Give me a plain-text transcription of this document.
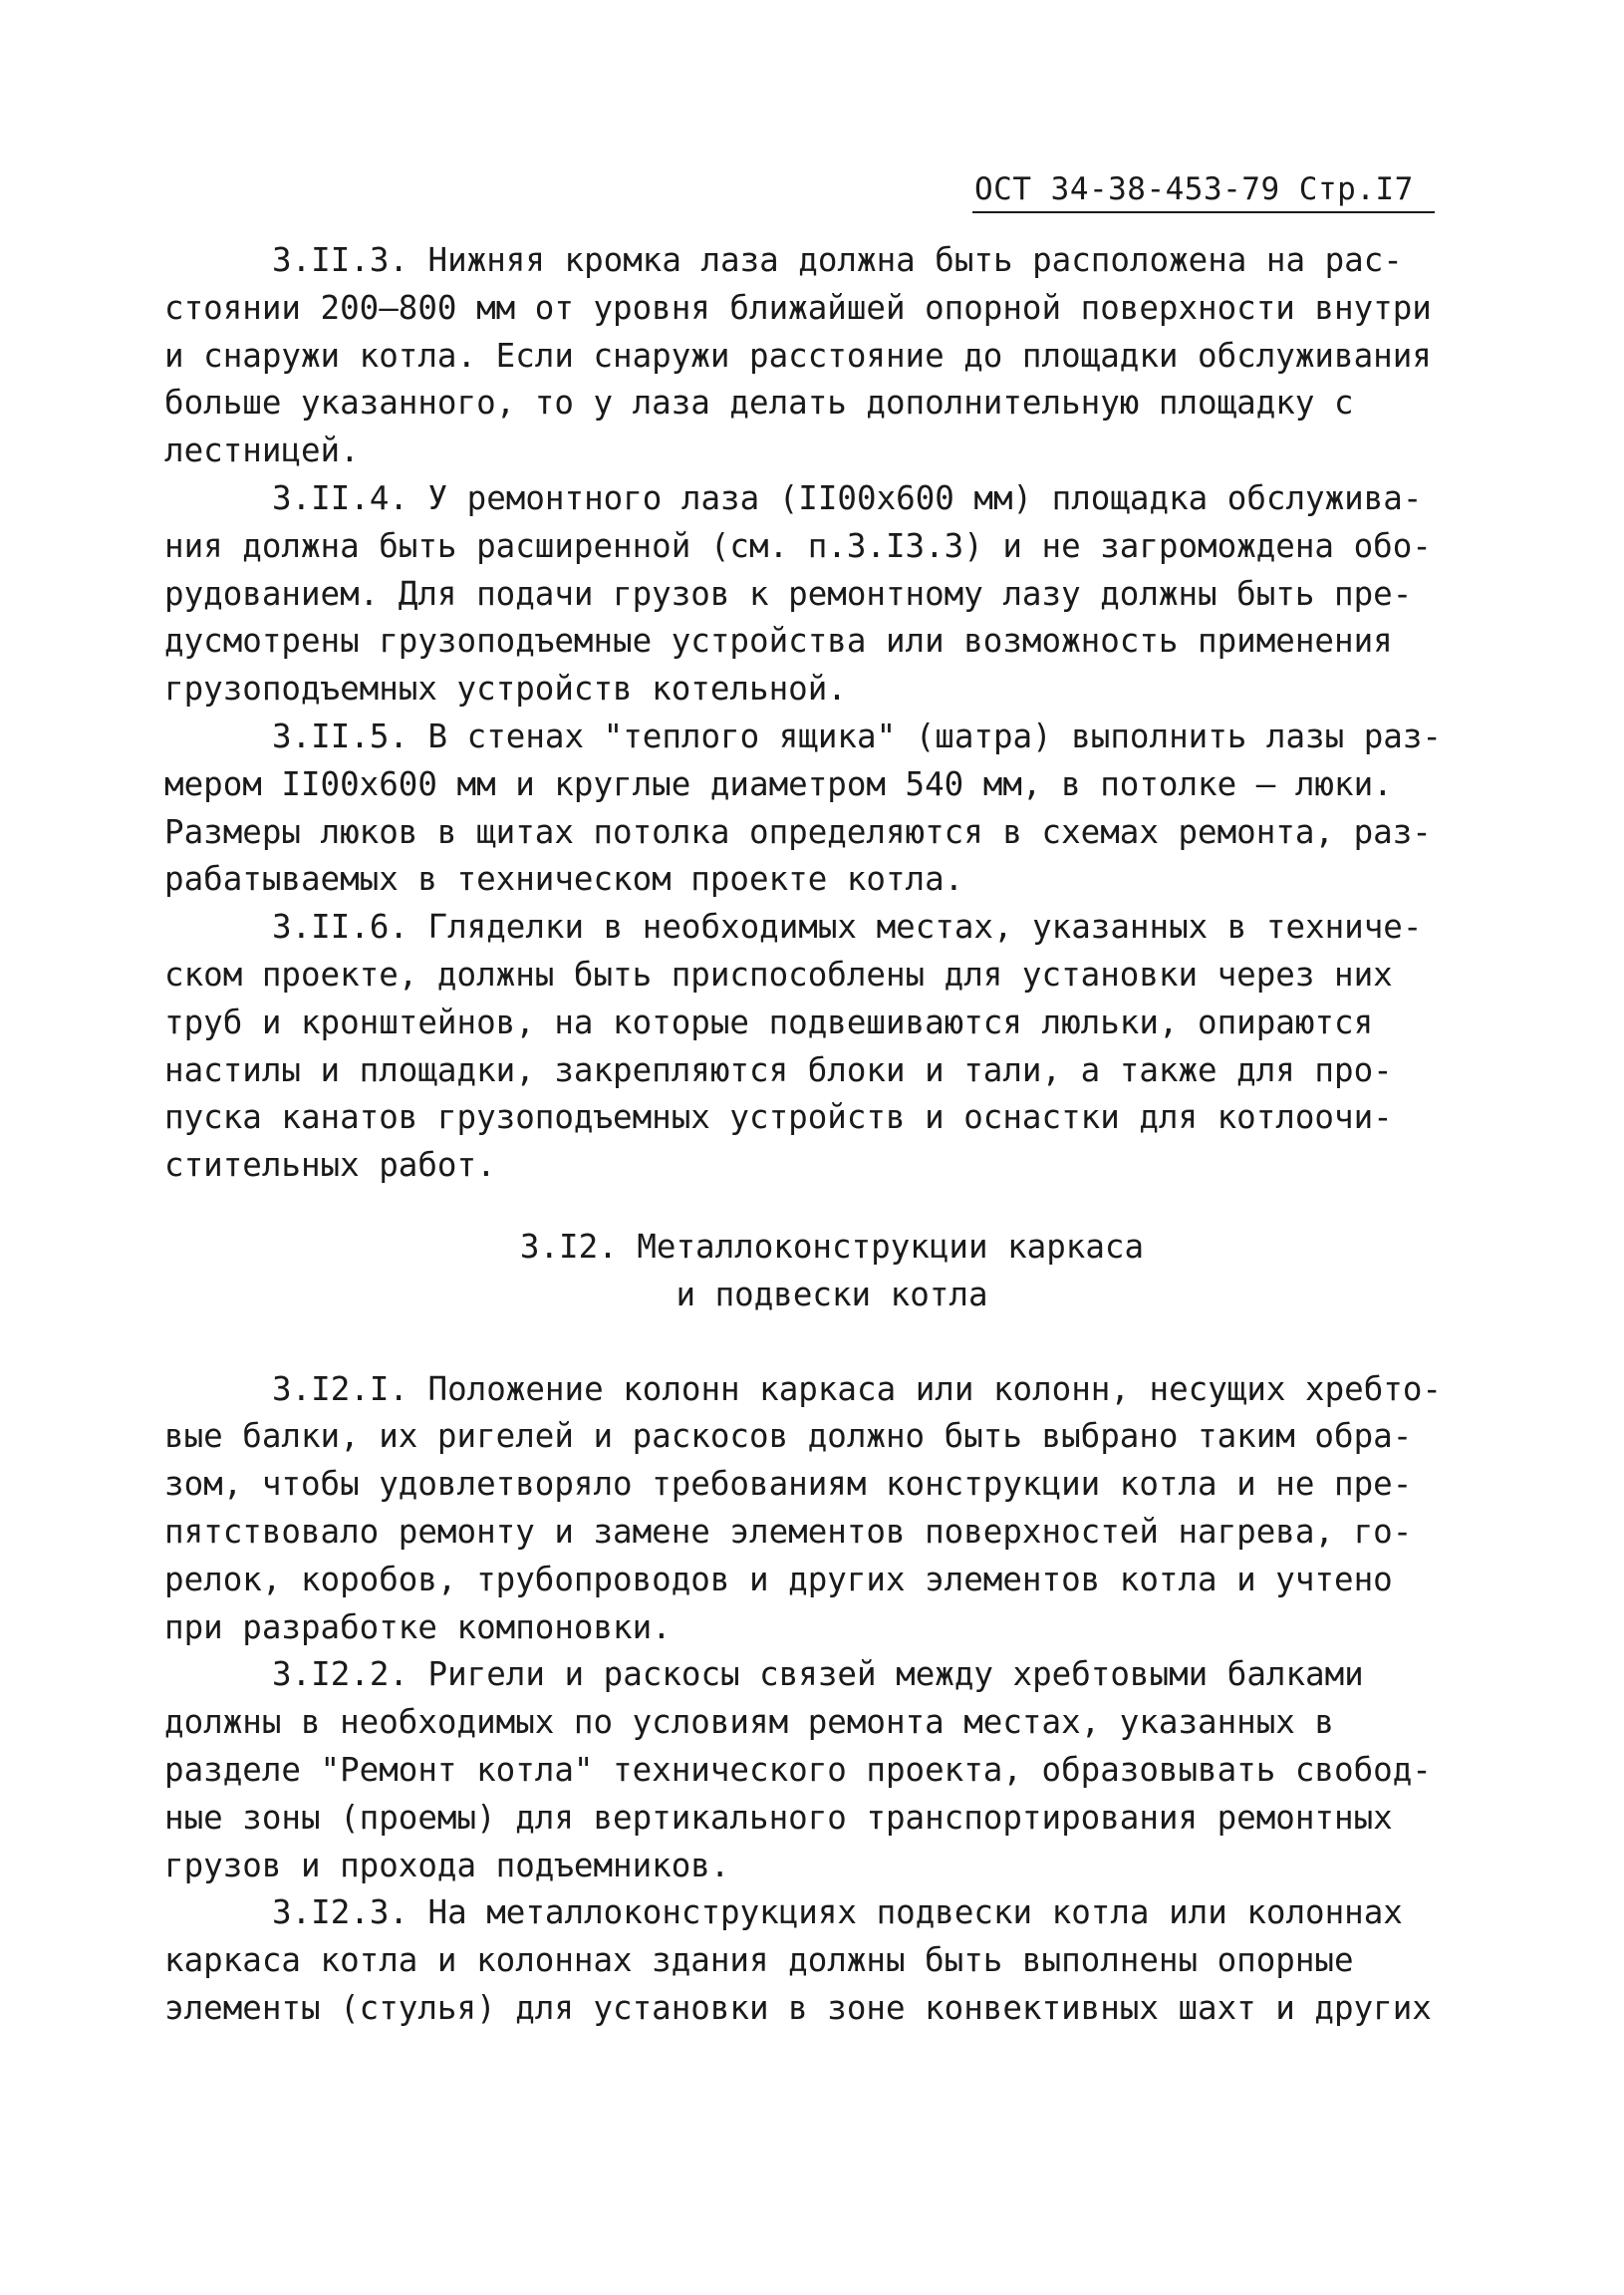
ОСТ 34-38-453-79 Стр.I7
3.II.3. Нижняя кромка лаза должна быть расположена на рас-
стоянии 200–800 мм от уровня ближайшей опорной поверхности внутри
и снаружи котла. Если снаружи расстояние до площадки обслуживания
больше указанного, то у лаза делать дополнительную площадку с
лестницей.
3.II.4. У ремонтного лаза (II00х600 мм) площадка обслужива-
ния должна быть расширенной (см. п.3.I3.3) и не загромождена обо-
рудованием. Для подачи грузов к ремонтному лазу должны быть пре-
дусмотрены грузоподъемные устройства или возможность применения
грузоподъемных устройств котельной.
3.II.5. В стенах "теплого ящика" (шатра) выполнить лазы раз-
мером II00х600 мм и круглые диаметром 540 мм, в потолке – люки.
Размеры люков в щитах потолка определяются в схемах ремонта, раз-
рабатываемых в техническом проекте котла.
3.II.6. Гляделки в необходимых местах, указанных в техниче-
ском проекте, должны быть приспособлены для установки через них
труб и кронштейнов, на которые подвешиваются люльки, опираются
настилы и площадки, закрепляются блоки и тали, а также для про-
пуска канатов грузоподъемных устройств и оснастки для котлоочи-
стительных работ.
3.I2. Металлоконструкции каркаса
и подвески котла
3.I2.I. Положение колонн каркаса или колонн, несущих хребто-
вые балки, их ригелей и раскосов должно быть выбрано таким обра-
зом, чтобы удовлетворяло требованиям конструкции котла и не пре-
пятствовало ремонту и замене элементов поверхностей нагрева, го-
релок, коробов, трубопроводов и других элементов котла и учтено
при разработке компоновки.
3.I2.2. Ригели и раскосы связей между хребтовыми балками
должны в необходимых по условиям ремонта местах, указанных в
разделе "Ремонт котла" технического проекта, образовывать свобод-
ные зоны (проемы) для вертикального транспортирования ремонтных
грузов и прохода подъемников.
3.I2.3. На металлоконструкциях подвески котла или колоннах
каркаса котла и колоннах здания должны быть выполнены опорные
элементы (стулья) для установки в зоне конвективных шахт и других
